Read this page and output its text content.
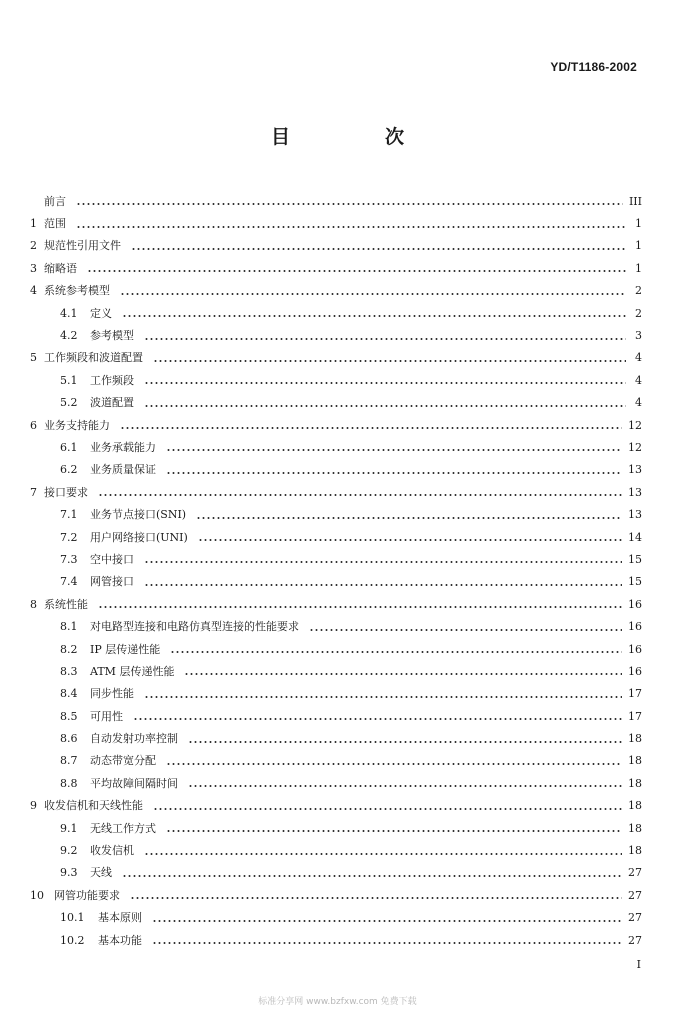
YD/T1186-2002
目　次
前言	III
1 范围	1
2 规范性引用文件	1
3 缩略语	1
4 系统参考模型	2
4.1	定义	2
4.2	参考模型	3
5 工作频段和波道配置	4
5.1	工作频段	4
5.2	波道配置	4
6 业务支持能力	12
6.1	业务承载能力	12
6.2	业务质量保证	13
7 接口要求	13
7.1	业务节点接口(SNI)	13
7.2	用户网络接口(UNI)	14
7.3	空中接口	15
7.4	网管接口	15
8 系统性能	16
8.1	对电路型连接和电路仿真型连接的性能要求	16
8.2	IP 层传递性能	16
8.3	ATM 层传递性能	16
8.4	同步性能	17
8.5	可用性	17
8.6	自动发射功率控制	18
8.7	动态带宽分配	18
8.8	平均故障间隔时间	18
9 收发信机和天线性能	18
9.1	无线工作方式	18
9.2	收发信机	18
9.3	天线	27
10 网管功能要求	27
10.1	基本原则	27
10.2	基本功能	27
I
标准分享网 www.bzfxw.com 免费下载
